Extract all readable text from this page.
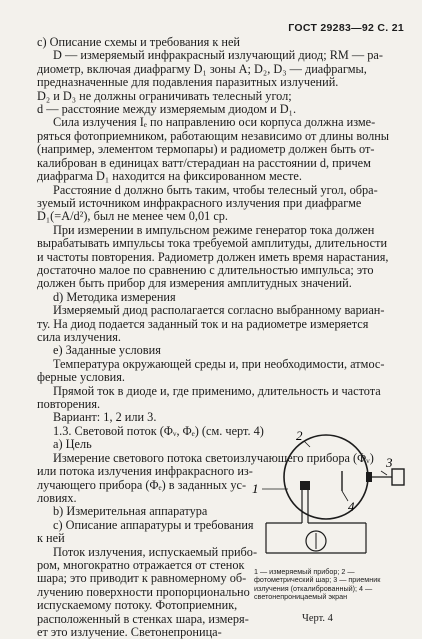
ГОСТ 29283—92 С. 21
с) Описание схемы и требования к ней
D — измеряемый инфракрасный излучающий диод; RM — ра-
диометр, включая диафрагму D₁ зоны A; D₂, D₃ — диафрагмы,
предназначенные для подавления паразитных излучений.
D₂ и D₃ не должны ограничивать телесный угол;
d — расстояние между измеряемым диодом и D₁.
Сила излучения Iₑ по направлению оси корпуса должна изме-
ряться фотоприемником, работающим независимо от длины волны
(например, элементом термопары) и радиометр должен быть от-
калиброван в единицах ватт/стерадиан на расстоянии d, причем
диафрагма D₁ находится на фиксированном месте.
Расстояние d должно быть таким, чтобы телесный угол, обра-
зуемый источником инфракрасного излучения при диафрагме
D₁(=A/d²), был не менее чем 0,01 ср.
При измерении в импульсном режиме генератор тока должен
вырабатывать импульсы тока требуемой амплитуды, длительности
и частоты повторения. Радиометр должен иметь время нарастания,
достаточно малое по сравнению с длительностью импульса; это
должен быть прибор для измерения амплитудных значений.
d) Методика измерения
Измеряемый диод располагается согласно выбранному вариан-
ту. На диод подается заданный ток и на радиометре измеряется
сила излучения.
е) Заданные условия
Температура окружающей среды и, при необходимости, атмос-
ферные условия.
Прямой ток в диоде и, где применимо, длительность и частота
повторения.
Вариант: 1, 2 или 3.
1.3. Световой поток (Φᵥ, Φₑ) (см. черт. 4)
а) Цель
Измерение светового потока светоизлучающего прибора (Φᵥ)
или потока излучения инфракрасного из-
лучающего прибора (Φₑ) в заданных ус-
ловиях.
b) Измерительная аппаратура
с) Описание аппаратуры и требования
к ней
Поток излучения, испускаемый прибо-
ром, многократно отражается от стенок
шара; это приводит к равномерному об-
лучению поверхности пропорционально
испускаемому потоку. Фотоприемник,
расположенный в стенках шара, измеря-
ет это излучение. Светонепроница-
2
3
1
4
1 — измеряемый прибор; 2 — фотометрический шар; 3 — приемник излучения (откалиброванный); 4 — светонепроницаемый экран
Черт. 4
